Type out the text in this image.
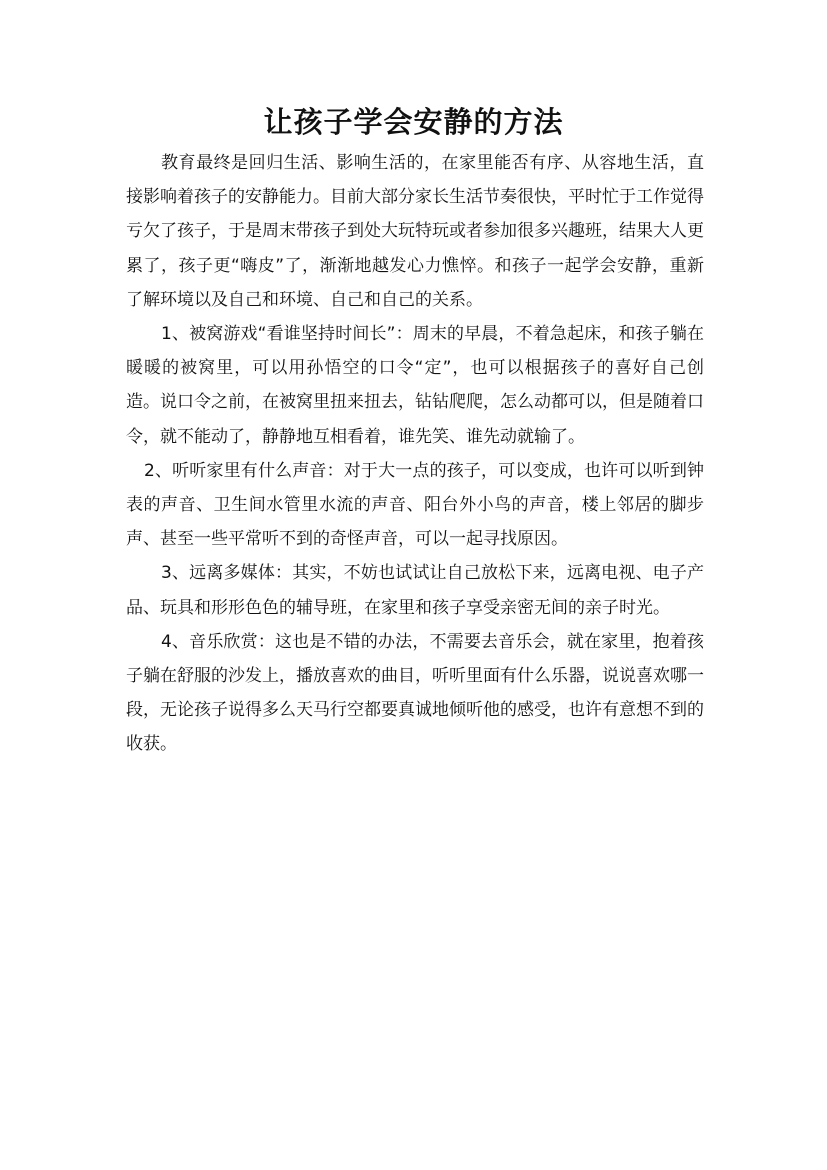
让孩子学会安静的方法

教育最终是回归生活、影响生活的，在家里能否有序、从容地生活，直接影响着孩子的安静能力。目前大部分家长生活节奏很快，平时忙于工作觉得亏欠了孩子，于是周末带孩子到处大玩特玩或者参加很多兴趣班，结果大人更累了，孩子更“嗨皮”了，渐渐地越发心力憔悴。和孩子一起学会安静，重新了解环境以及自己和环境、自己和自己的关系。

1、被窝游戏“看谁坚持时间长”：周末的早晨，不着急起床，和孩子躺在暖暖的被窝里，可以用孙悟空的口令“定”，也可以根据孩子的喜好自己创造。说口令之前，在被窝里扭来扭去，钻钻爬爬，怎么动都可以，但是随着口令，就不能动了，静静地互相看着，谁先笑、谁先动就输了。

2、听听家里有什么声音：对于大一点的孩子，可以变成，也许可以听到钟表的声音、卫生间水管里水流的声音、阳台外小鸟的声音，楼上邻居的脚步声、甚至一些平常听不到的奇怪声音，可以一起寻找原因。

3、远离多媒体：其实，不妨也试试让自己放松下来，远离电视、电子产品、玩具和形形色色的辅导班，在家里和孩子享受亲密无间的亲子时光。

4、音乐欣赏：这也是不错的办法，不需要去音乐会，就在家里，抱着孩子躺在舒服的沙发上，播放喜欢的曲目，听听里面有什么乐器，说说喜欢哪一段，无论孩子说得多么天马行空都要真诚地倾听他的感受，也许有意想不到的收获。
